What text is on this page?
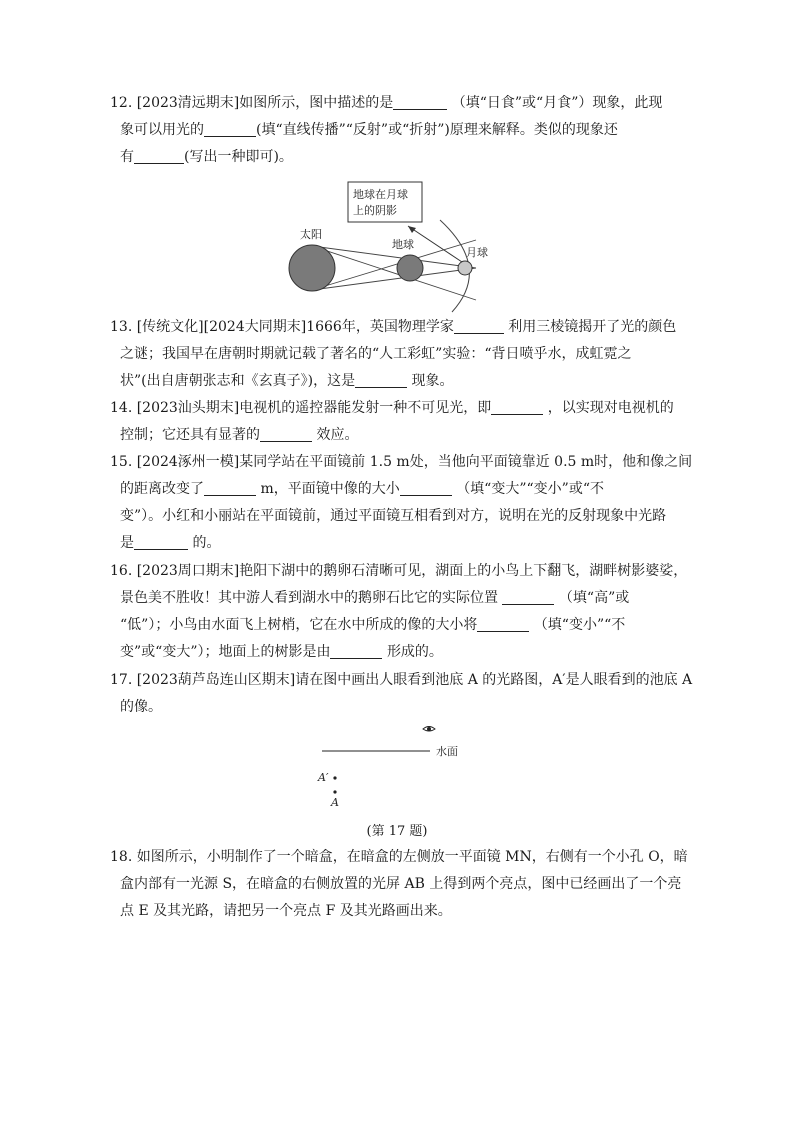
12. [2023清远期末]如图所示，图中描述的是	（填“日食”或“月食”）现象，此现
象可以用光的	(填“直线传播”“反射”或“折射”)原理来解释。类似的现象还
有	(写出一种即可)。
地球在月球
上的阴影
太阳
地球
月球
13. [传统文化][2024大同期末]1666年，英国物理学家	利用三棱镜揭开了光的颜色
之谜；我国早在唐朝时期就记载了著名的“人工彩虹”实验：“背日喷乎水，成虹霓之
状”(出自唐朝张志和《玄真子》)，这是	现象。
14. [2023汕头期末]电视机的遥控器能发射一种不可见光，即	，以实现对电视机的
控制；它还具有显著的	效应。
15. [2024涿州一模]某同学站在平面镜前 1.5 m处，当他向平面镜靠近 0.5 m时，他和像之间
的距离改变了	m，平面镜中像的大小	（填“变大”“变小”或“不
变”）。小红和小丽站在平面镜前，通过平面镜互相看到对方，说明在光的反射现象中光路
是	的。
16. [2023周口期末]艳阳下湖中的鹅卵石清晰可见，湖面上的小鸟上下翻飞，湖畔树影婆娑，
景色美不胜收！其中游人看到湖水中的鹅卵石比它的实际位置	（填“高”或
“低”）；小鸟由水面飞上树梢，它在水中所成的像的大小将	（填“变小”“不
变”或“变大”）；地面上的树影是由	形成的。
17. [2023葫芦岛连山区期末]请在图中画出人眼看到池底 A 的光路图，A′是人眼看到的池底 A
的像。
水面
A′
A
(第 17 题)
18. 如图所示，小明制作了一个暗盒，在暗盒的左侧放一平面镜 MN，右侧有一个小孔 O，暗
盒内部有一光源 S，在暗盒的右侧放置的光屏 AB 上得到两个亮点，图中已经画出了一个亮
点 E 及其光路，请把另一个亮点 F 及其光路画出来。
